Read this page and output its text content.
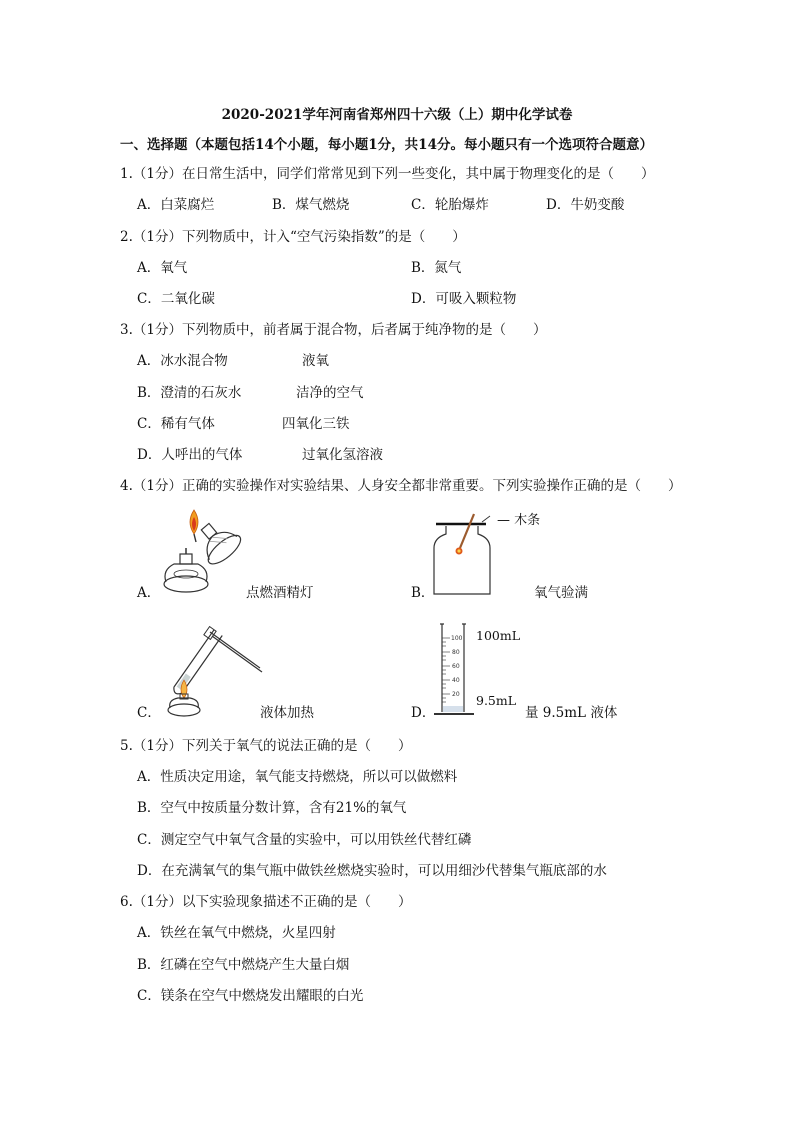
2020-2021学年河南省郑州四十六级（上）期中化学试卷
一、选择题（本题包括14个小题，每小题1分，共14分。每小题只有一个选项符合题意）
1.（1分）在日常生活中，同学们常常见到下列一些变化，其中属于物理变化的是（　　）
A．白菜腐烂	B．煤气燃烧	C．轮胎爆炸	D．牛奶变酸
2.（1分）下列物质中，计入“空气污染指数”的是（　　）
A．氧气	B．氮气
C．二氧化碳	D．可吸入颗粒物
3.（1分）下列物质中，前者属于混合物，后者属于纯净物的是（　　）
A．冰水混合物	液氧
B．澄清的石灰水	洁净的空气
C．稀有气体	四氧化三铁
D．人呼出的气体	过氧化氢溶液
4.（1分）正确的实验操作对实验结果、人身安全都非常重要。下列实验操作正确的是（　　）
A．	点燃酒精灯	B．
— 木条
氧气验满
C．	液体加热	D．
100
80
60
40
20
100mL
9.5mL
量 9.5mL 液体
5.（1分）下列关于氧气的说法正确的是（　　）
A．性质决定用途，氧气能支持燃烧，所以可以做燃料
B．空气中按质量分数计算，含有21%的氧气
C．测定空气中氧气含量的实验中，可以用铁丝代替红磷
D．在充满氧气的集气瓶中做铁丝燃烧实验时，可以用细沙代替集气瓶底部的水
6.（1分）以下实验现象描述不正确的是（　　）
A．铁丝在氧气中燃烧，火星四射
B．红磷在空气中燃烧产生大量白烟
C．镁条在空气中燃烧发出耀眼的白光
